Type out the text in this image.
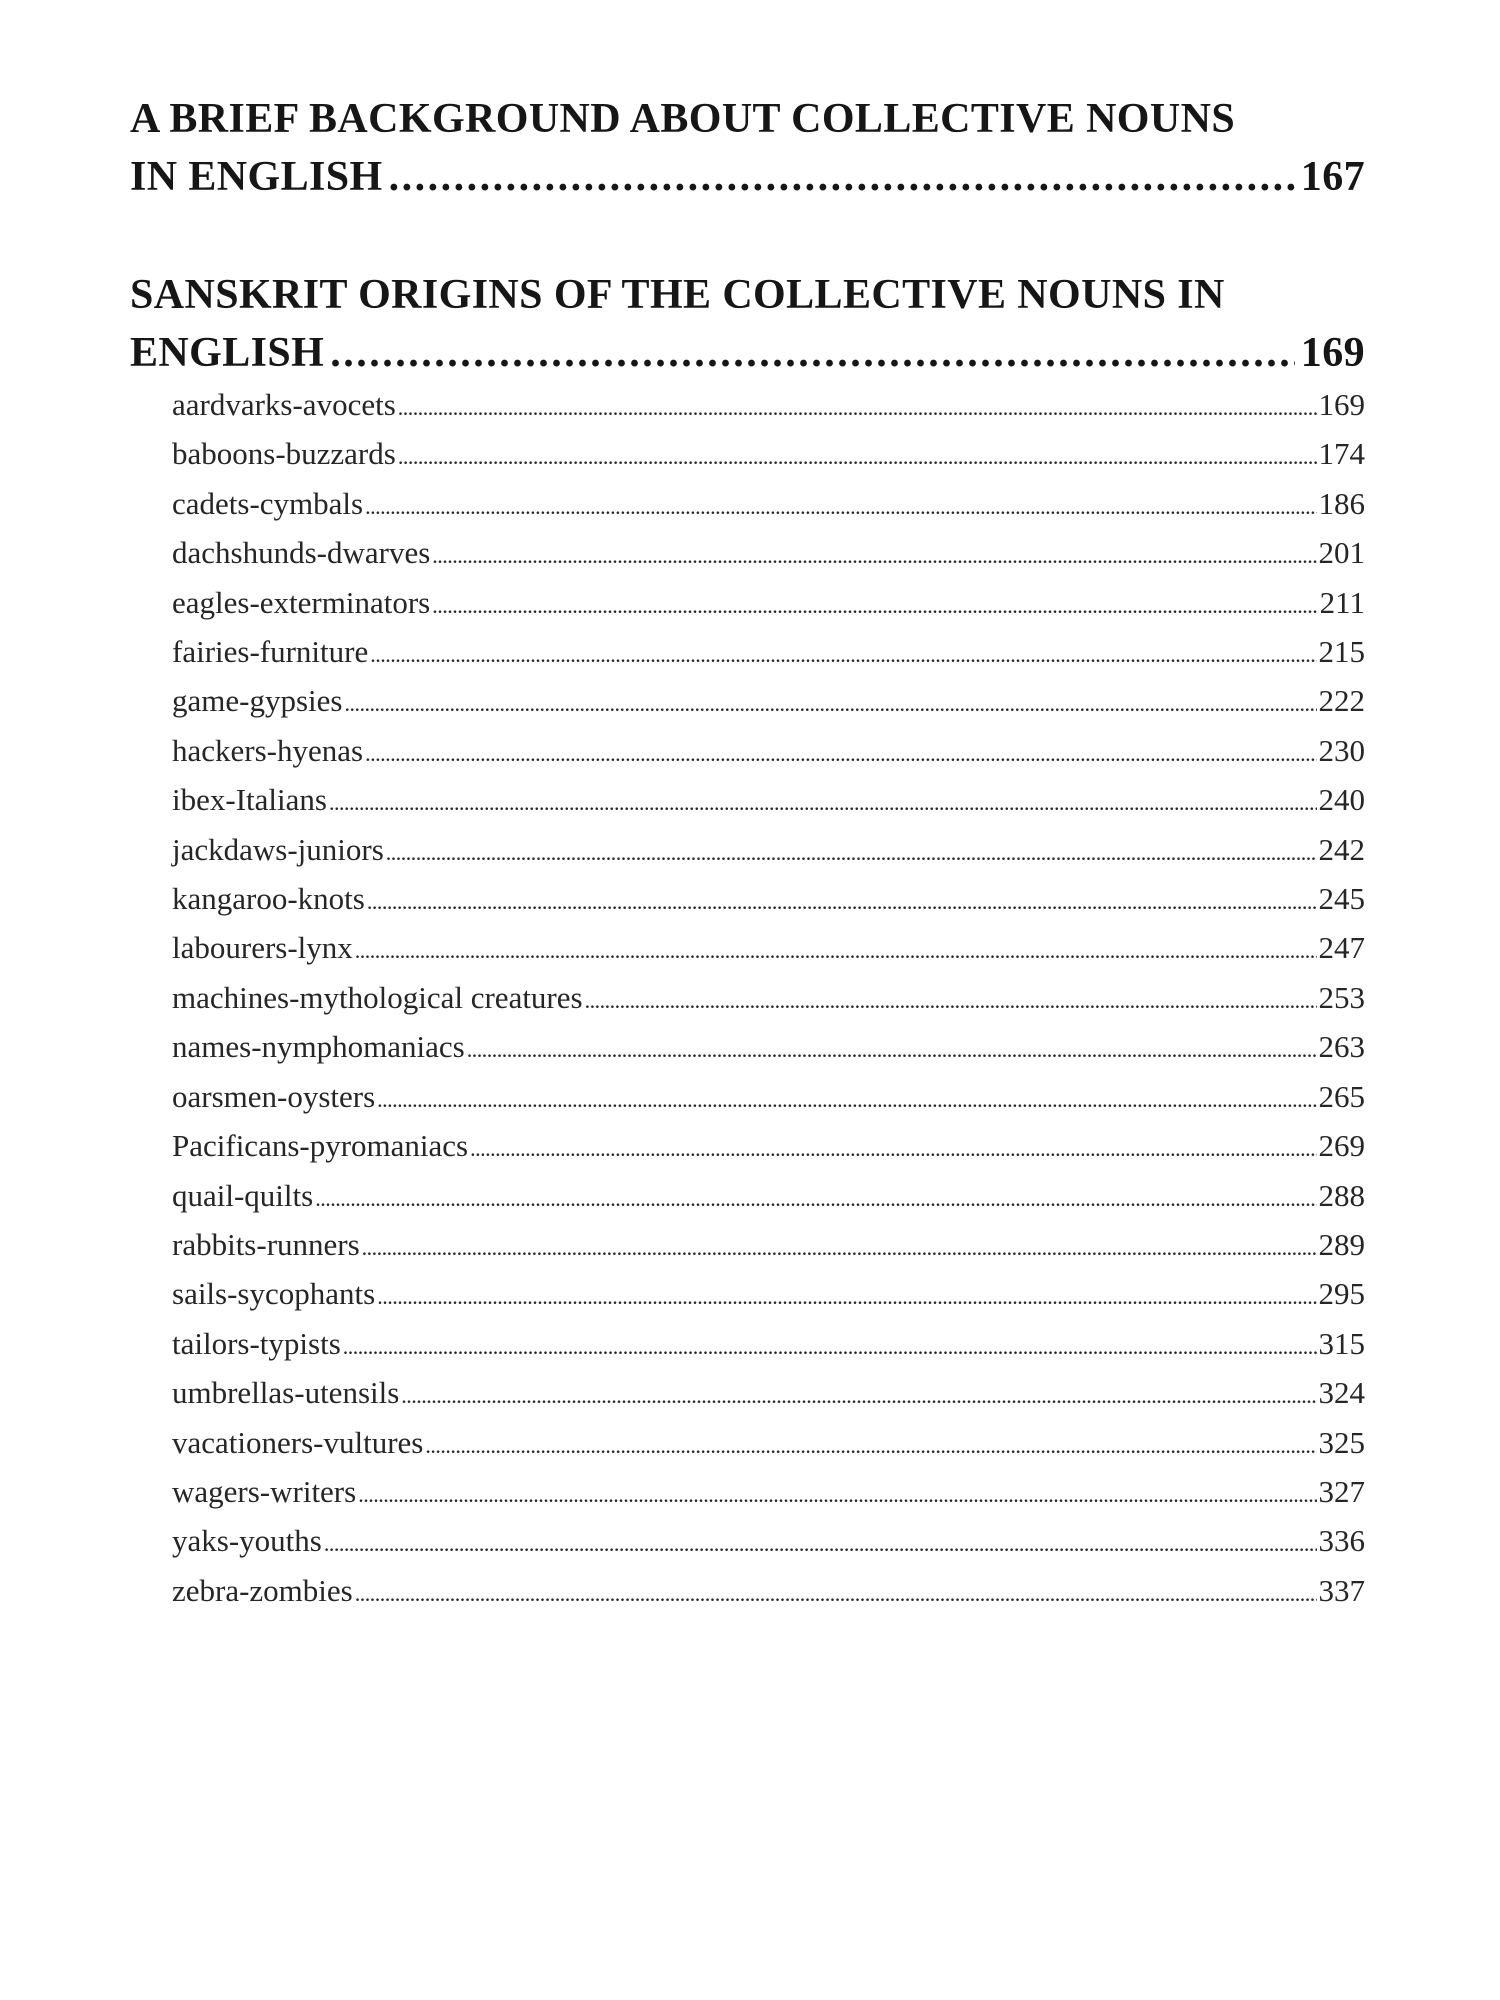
A BRIEF BACKGROUND ABOUT COLLECTIVE NOUNS
IN ENGLISH . . .	167
SANSKRIT ORIGINS OF THE COLLECTIVE NOUNS IN
ENGLISH . . .	169
aardvarks-avocets . . .	169
baboons-buzzards . . .	174
cadets-cymbals . . .	186
dachshunds-dwarves . . .	201
eagles-exterminators . . .	211
fairies-furniture . . .	215
game-gypsies . . .	222
hackers-hyenas . . .	230
ibex-Italians . . .	240
jackdaws-juniors . . .	242
kangaroo-knots . . .	245
labourers-lynx . . .	247
machines-mythological creatures . . .	253
names-nymphomaniacs . . .	263
oarsmen-oysters . . .	265
Pacificans-pyromaniacs . . .	269
quail-quilts . . .	288
rabbits-runners . . .	289
sails-sycophants . . .	295
tailors-typists . . .	315
umbrellas-utensils . . .	324
vacationers-vultures . . .	325
wagers-writers . . .	327
yaks-youths . . .	336
zebra-zombies . . .	337
